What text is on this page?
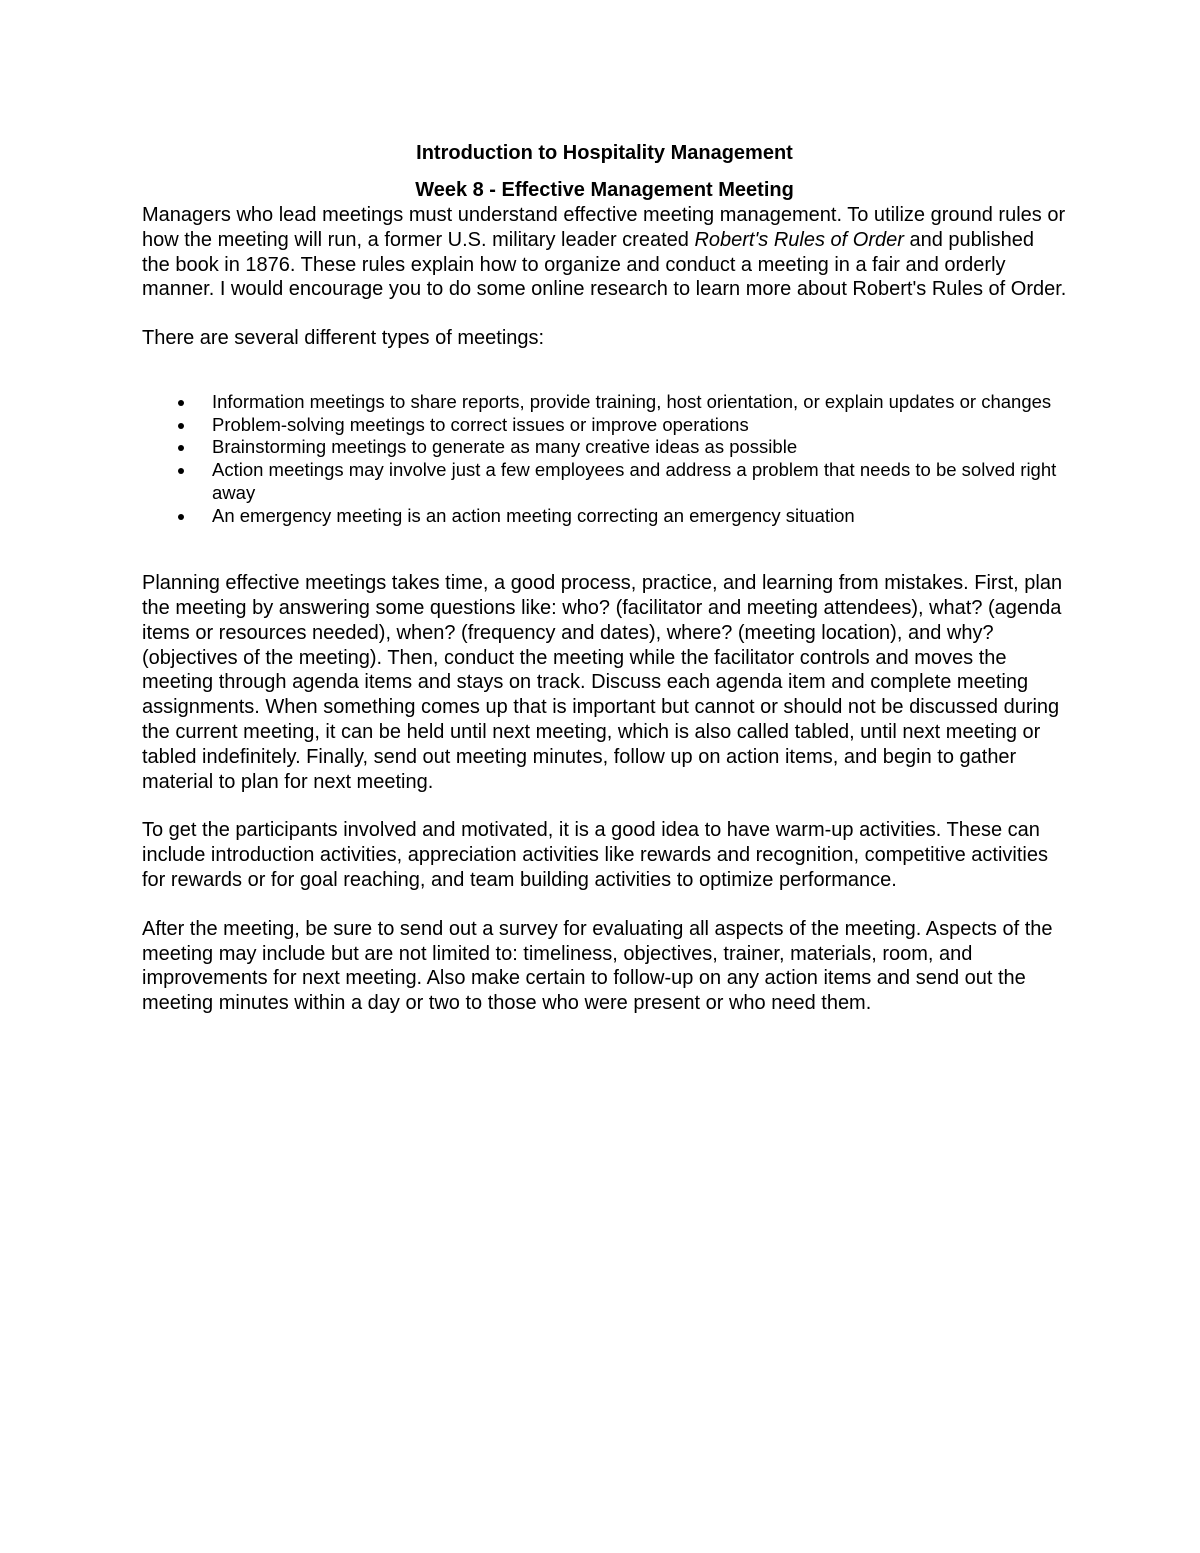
Introduction to Hospitality Management
Week 8 - Effective Management Meeting

Managers who lead meetings must understand effective meeting management. To utilize ground rules or how the meeting will run, a former U.S. military leader created Robert's Rules of Order and published the book in 1876. These rules explain how to organize and conduct a meeting in a fair and orderly manner. I would encourage you to do some online research to learn more about Robert's Rules of Order.

There are several different types of meetings:

Information meetings to share reports, provide training, host orientation, or explain updates or changes
Problem-solving meetings to correct issues or improve operations
Brainstorming meetings to generate as many creative ideas as possible
Action meetings may involve just a few employees and address a problem that needs to be solved right away
An emergency meeting is an action meeting correcting an emergency situation

Planning effective meetings takes time, a good process, practice, and learning from mistakes. First, plan the meeting by answering some questions like: who? (facilitator and meeting attendees), what? (agenda items or resources needed), when? (frequency and dates), where? (meeting location), and why? (objectives of the meeting). Then, conduct the meeting while the facilitator controls and moves the meeting through agenda items and stays on track. Discuss each agenda item and complete meeting assignments. When something comes up that is important but cannot or should not be discussed during the current meeting, it can be held until next meeting, which is also called tabled, until next meeting or tabled indefinitely. Finally, send out meeting minutes, follow up on action items, and begin to gather material to plan for next meeting.

To get the participants involved and motivated, it is a good idea to have warm-up activities. These can include introduction activities, appreciation activities like rewards and recognition, competitive activities for rewards or for goal reaching, and team building activities to optimize performance.

After the meeting, be sure to send out a survey for evaluating all aspects of the meeting. Aspects of the meeting may include but are not limited to: timeliness, objectives, trainer, materials, room, and improvements for next meeting. Also make certain to follow-up on any action items and send out the meeting minutes within a day or two to those who were present or who need them.
